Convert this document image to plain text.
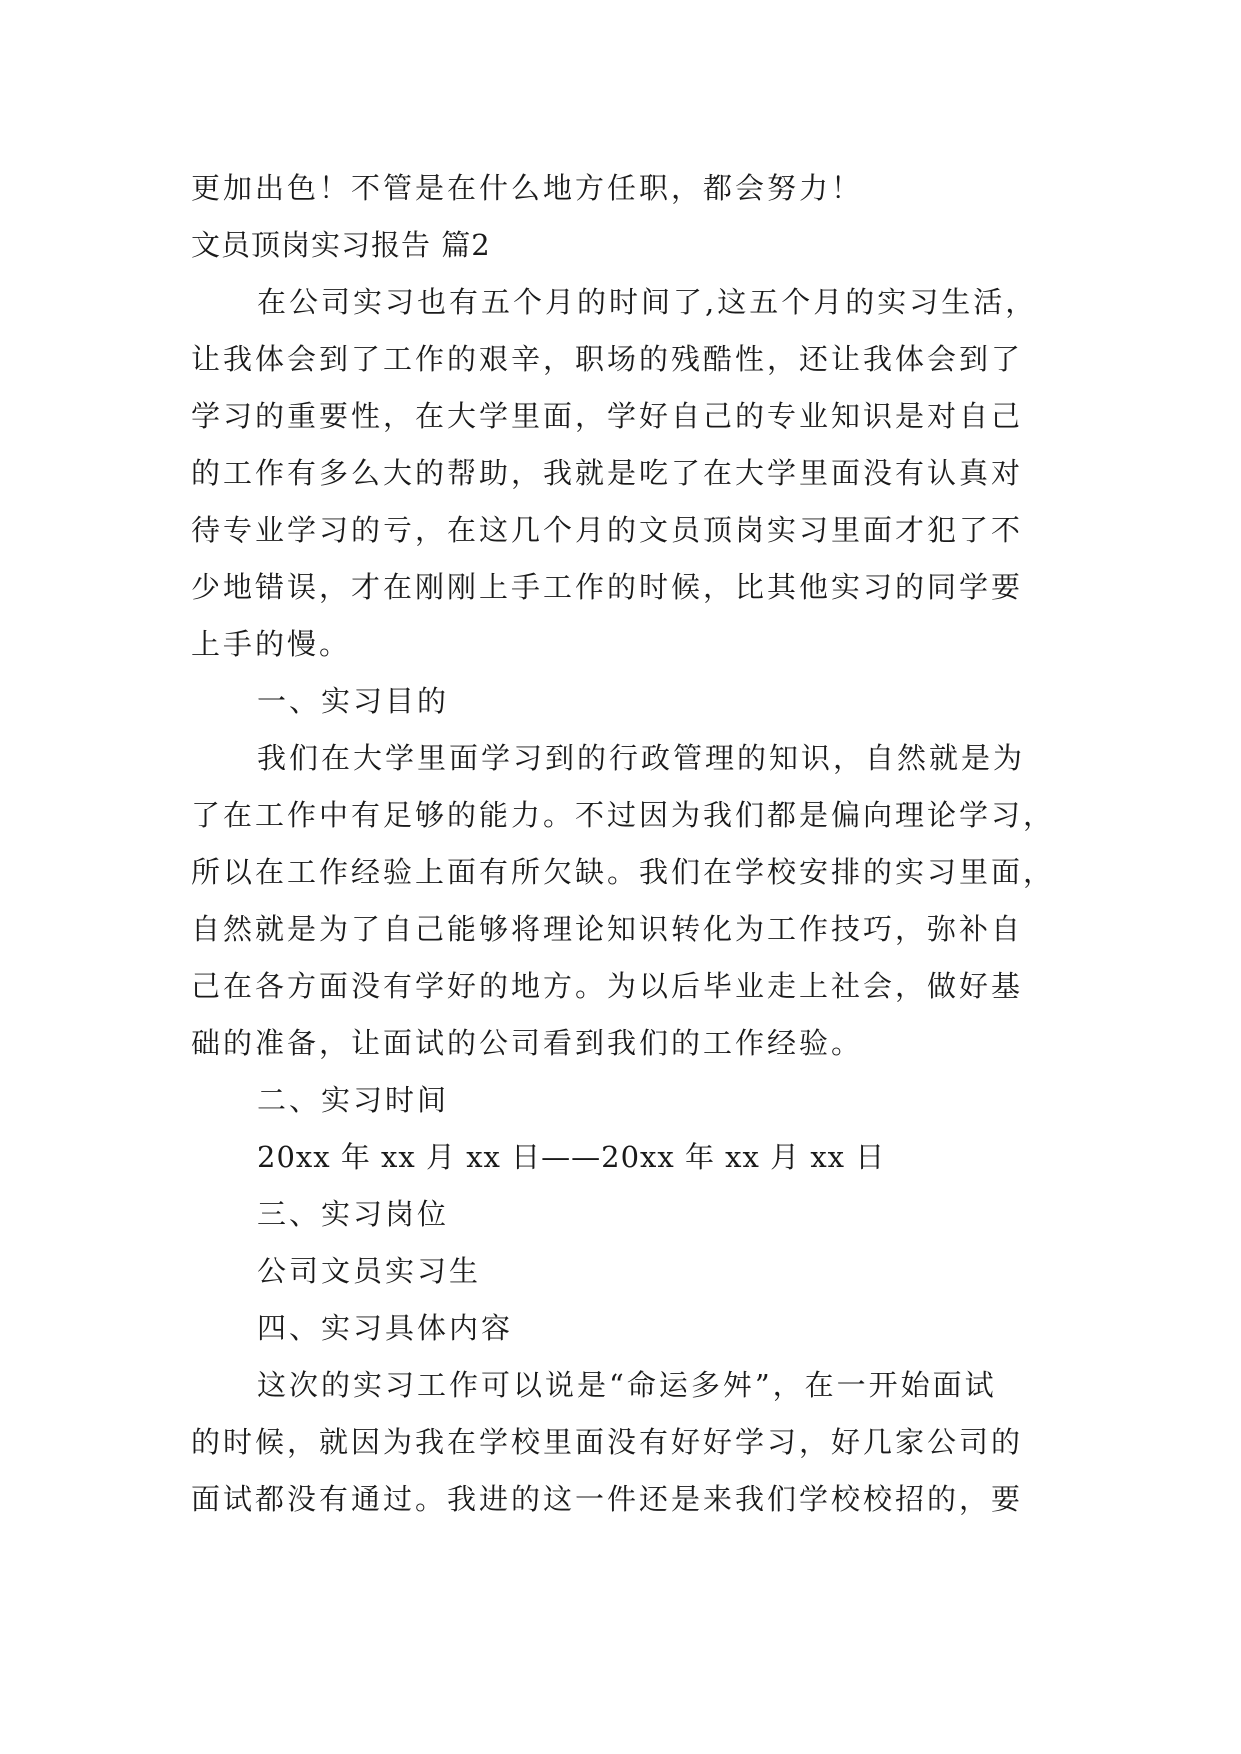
更加出色！不管是在什么地方任职，都会努力！
文员顶岗实习报告 篇2
在公司实习也有五个月的时间了,这五个月的实习生活，
让我体会到了工作的艰辛，职场的残酷性，还让我体会到了
学习的重要性，在大学里面，学好自己的专业知识是对自己
的工作有多么大的帮助，我就是吃了在大学里面没有认真对
待专业学习的亏，在这几个月的文员顶岗实习里面才犯了不
少地错误，才在刚刚上手工作的时候，比其他实习的同学要
上手的慢。
一、实习目的
我们在大学里面学习到的行政管理的知识，自然就是为
了在工作中有足够的能力。不过因为我们都是偏向理论学习，
所以在工作经验上面有所欠缺。我们在学校安排的实习里面，
自然就是为了自己能够将理论知识转化为工作技巧，弥补自
己在各方面没有学好的地方。为以后毕业走上社会，做好基
础的准备，让面试的公司看到我们的工作经验。
二、实习时间
20xx 年 xx 月 xx 日——20xx 年 xx 月 xx 日
三、实习岗位
公司文员实习生
四、实习具体内容
这次的实习工作可以说是“命运多舛”，在一开始面试
的时候，就因为我在学校里面没有好好学习，好几家公司的
面试都没有通过。我进的这一件还是来我们学校校招的，要
